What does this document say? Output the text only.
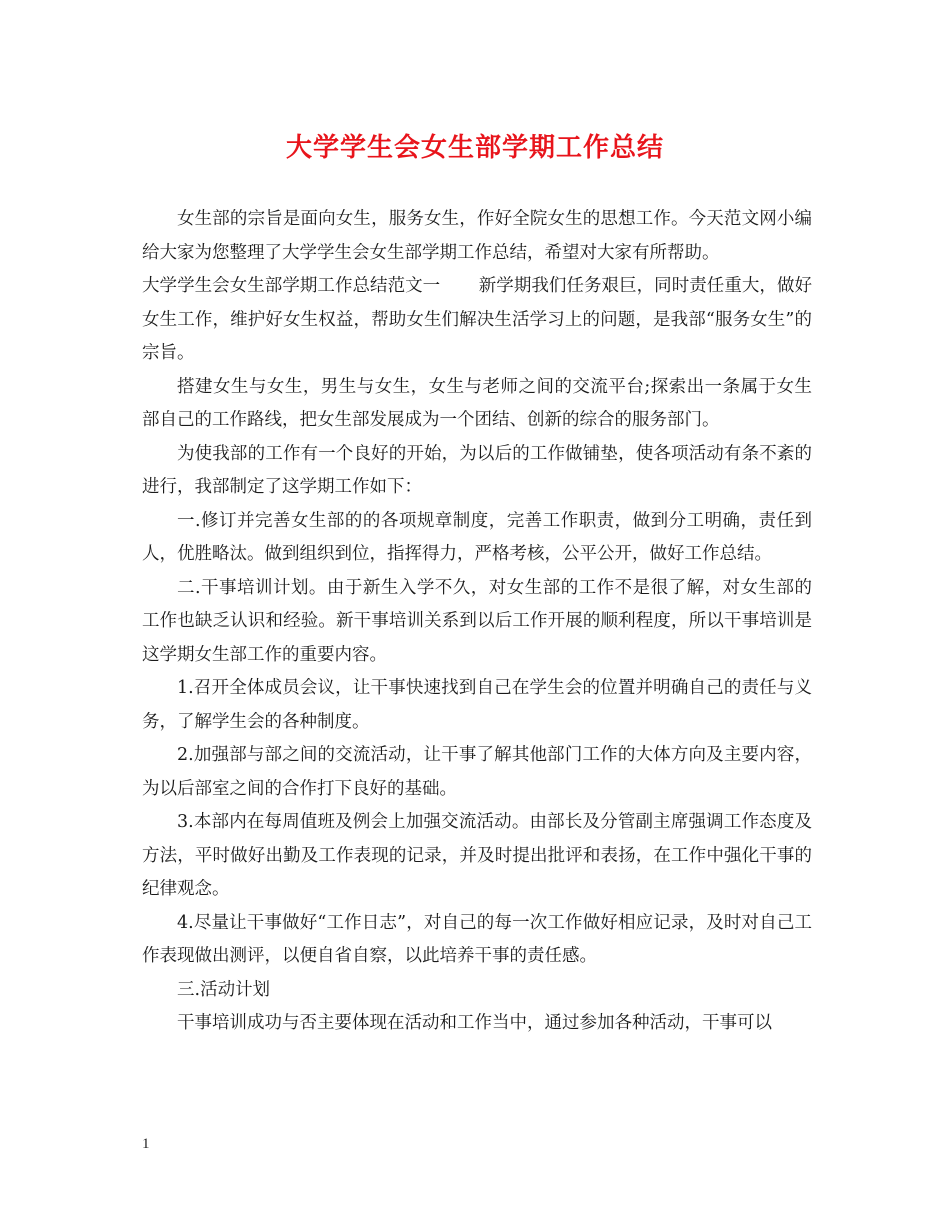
大学学生会女生部学期工作总结

女生部的宗旨是面向女生，服务女生，作好全院女生的思想工作。今天范文网小编给大家为您整理了大学学生会女生部学期工作总结，希望对大家有所帮助。

大学学生会女生部学期工作总结范文一 新学期我们任务艰巨，同时责任重大，做好女生工作，维护好女生权益，帮助女生们解决生活学习上的问题，是我部“服务女生”的宗旨。

搭建女生与女生，男生与女生，女生与老师之间的交流平台;探索出一条属于女生部自己的工作路线，把女生部发展成为一个团结、创新的综合的服务部门。

为使我部的工作有一个良好的开始，为以后的工作做铺垫，使各项活动有条不紊的进行，我部制定了这学期工作如下：

一.修订并完善女生部的的各项规章制度，完善工作职责，做到分工明确，责任到人，优胜略汰。做到组织到位，指挥得力，严格考核，公平公开，做好工作总结。

二.干事培训计划。由于新生入学不久，对女生部的工作不是很了解，对女生部的工作也缺乏认识和经验。新干事培训关系到以后工作开展的顺利程度，所以干事培训是这学期女生部工作的重要内容。

1.召开全体成员会议，让干事快速找到自己在学生会的位置并明确自己的责任与义务，了解学生会的各种制度。

2.加强部与部之间的交流活动，让干事了解其他部门工作的大体方向及主要内容，为以后部室之间的合作打下良好的基础。

3.本部内在每周值班及例会上加强交流活动。由部长及分管副主席强调工作态度及方法，平时做好出勤及工作表现的记录，并及时提出批评和表扬，在工作中强化干事的纪律观念。

4.尽量让干事做好“工作日志”，对自己的每一次工作做好相应记录，及时对自己工作表现做出测评，以便自省自察，以此培养干事的责任感。

三.活动计划

干事培训成功与否主要体现在活动和工作当中，通过参加各种活动，干事可以

1
